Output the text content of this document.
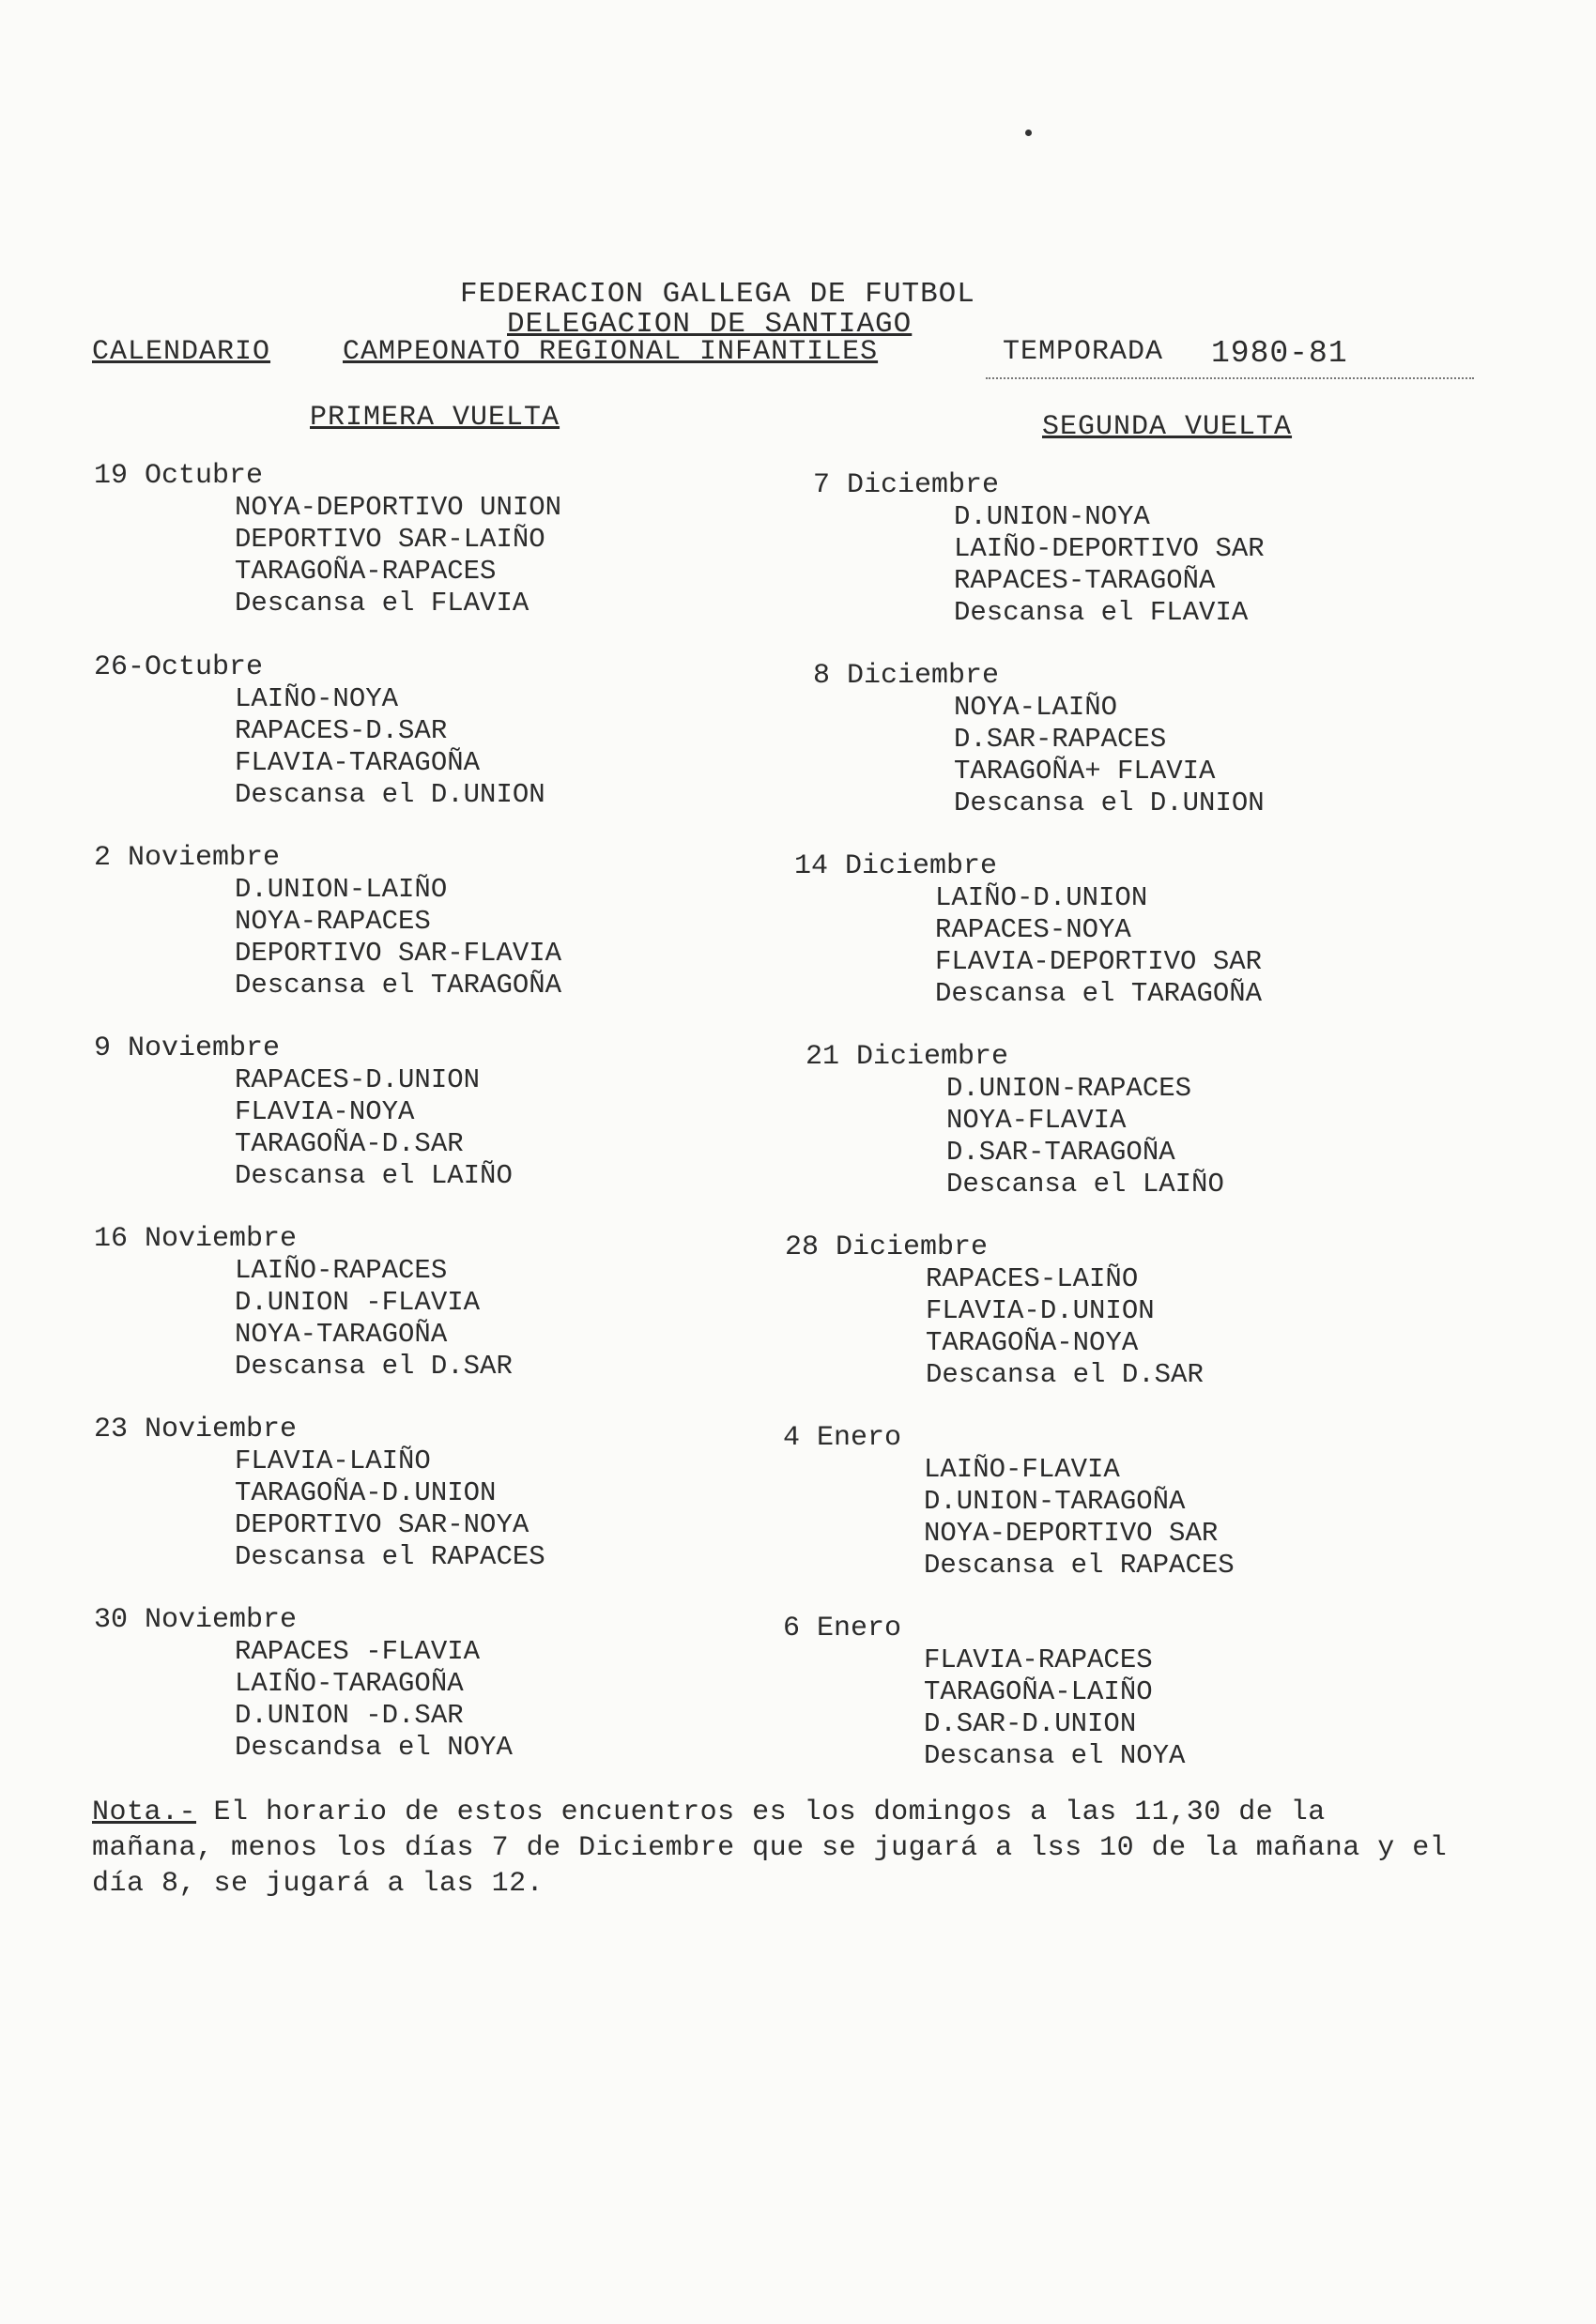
FEDERACION GALLEGA DE FUTBOL
DELEGACION DE SANTIAGO
CALENDARIO	CAMPEONATO REGIONAL INFANTILES	TEMPORADA 1980-81
PRIMERA VUELTA	SEGUNDA VUELTA
19 Octubre
NOYA-DEPORTIVO UNION
DEPORTIVO SAR-LAIÑO
TARAGOÑA-RAPACES
Descansa el FLAVIA
26-Octubre
LAIÑO-NOYA
RAPACES-D.SAR
FLAVIA-TARAGOÑA
Descansa el D.UNION
2 Noviembre
D.UNION-LAIÑO
NOYA-RAPACES
DEPORTIVO SAR-FLAVIA
Descansa el TARAGOÑA
9 Noviembre
RAPACES-D.UNION
FLAVIA-NOYA
TARAGOÑA-D.SAR
Descansa el LAIÑO
16 Noviembre
LAIÑO-RAPACES
D.UNION -FLAVIA
NOYA-TARAGOÑA
Descansa el D.SAR
23 Noviembre
FLAVIA-LAIÑO
TARAGOÑA-D.UNION
DEPORTIVO SAR-NOYA
Descansa el RAPACES
30 Noviembre
RAPACES -FLAVIA
LAIÑO-TARAGOÑA
D.UNION -D.SAR
Descandsa el NOYA
7 Diciembre
D.UNION-NOYA
LAIÑO-DEPORTIVO SAR
RAPACES-TARAGOÑA
Descansa el FLAVIA
8 Diciembre
NOYA-LAIÑO
D.SAR-RAPACES
TARAGOÑA+ FLAVIA
Descansa el D.UNION
14 Diciembre
LAIÑO-D.UNION
RAPACES-NOYA
FLAVIA-DEPORTIVO SAR
Descansa el TARAGOÑA
21 Diciembre
D.UNION-RAPACES
NOYA-FLAVIA
D.SAR-TARAGOÑA
Descansa el LAIÑO
28 Diciembre
RAPACES-LAIÑO
FLAVIA-D.UNION
TARAGOÑA-NOYA
Descansa el D.SAR
4 Enero
LAIÑO-FLAVIA
D.UNION-TARAGOÑA
NOYA-DEPORTIVO SAR
Descansa el RAPACES
6 Enero
FLAVIA-RAPACES
TARAGOÑA-LAIÑO
D.SAR-D.UNION
Descansa el NOYA
Nota.- El horario de estos encuentros es los domingos a las 11,30 de la mañana, menos los días 7 de Diciembre que se jugará a lss 10 de la mañana y el día 8, se jugará a las 12.
